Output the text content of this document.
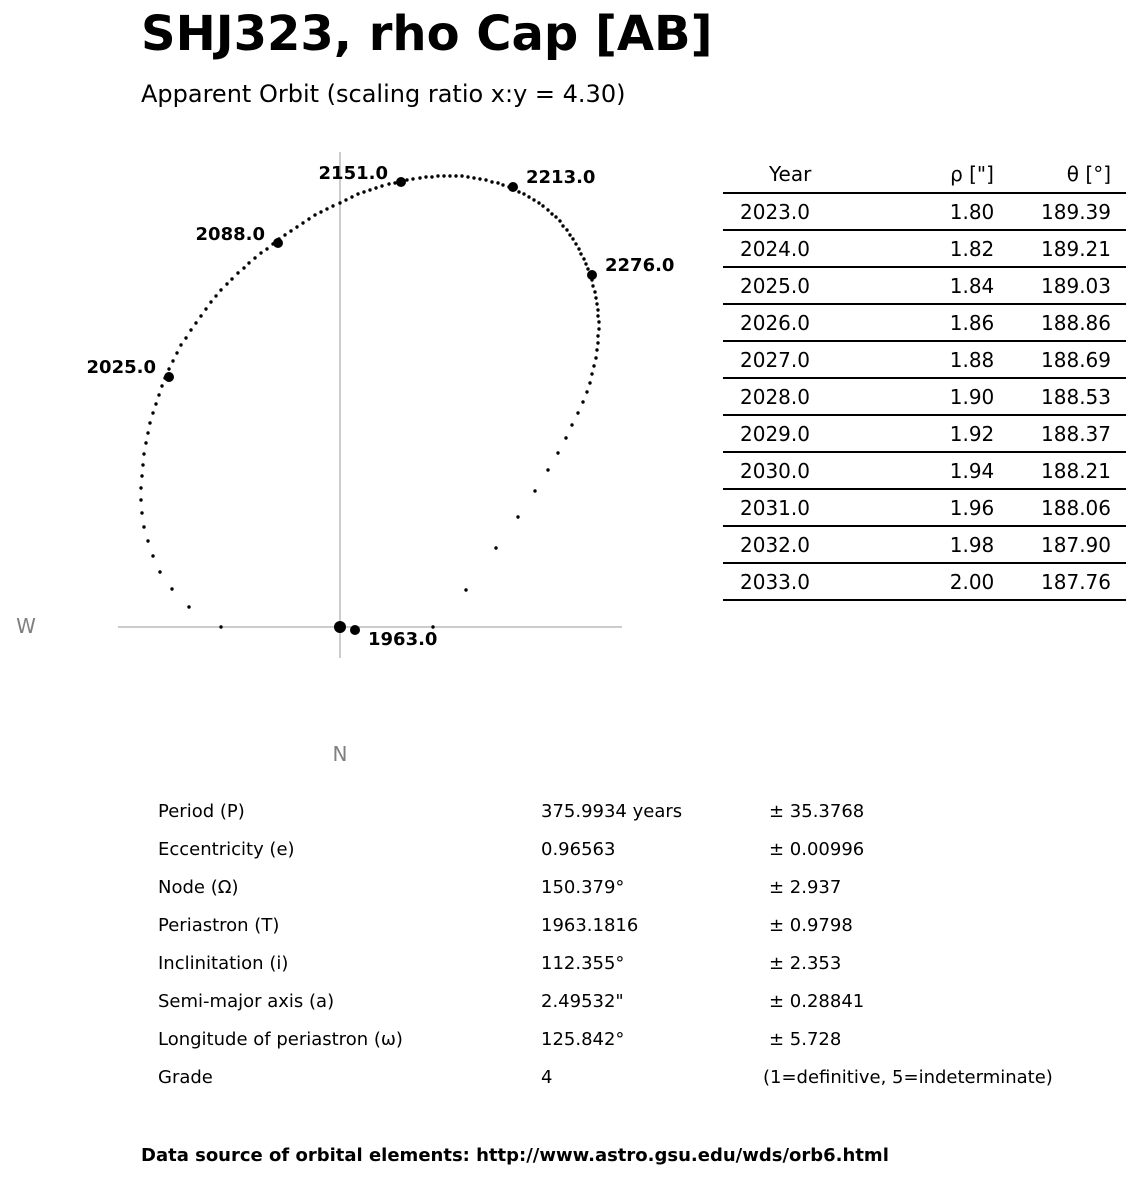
SHJ323, rho Cap [AB]
Apparent Orbit (scaling ratio x:y = 4.30)
W
N
1963.0
2025.0
2088.0
2151.0	2213.0
2276.0
Year	ρ ["]	θ [°]
2023.0	1.80	189.39
2024.0	1.82	189.21
2025.0	1.84	189.03
2026.0	1.86	188.86
2027.0	1.88	188.69
2028.0	1.90	188.53
2029.0	1.92	188.37
2030.0	1.94	188.21
2031.0	1.96	188.06
2032.0	1.98	187.90
2033.0	2.00	187.76
Period (P)	375.9934 years	± 35.3768
Eccentricity (e)	0.96563	± 0.00996
Node (Ω)	150.379°	± 2.937
Periastron (T)	1963.1816	± 0.9798
Inclinitation (i)	112.355°	± 2.353
Semi-major axis (a)	2.49532"	± 0.28841
Longitude of periastron (ω)	125.842°	± 5.728
Grade	4	(1=definitive, 5=indeterminate)
Data source of orbital elements: http://www.astro.gsu.edu/wds/orb6.html
